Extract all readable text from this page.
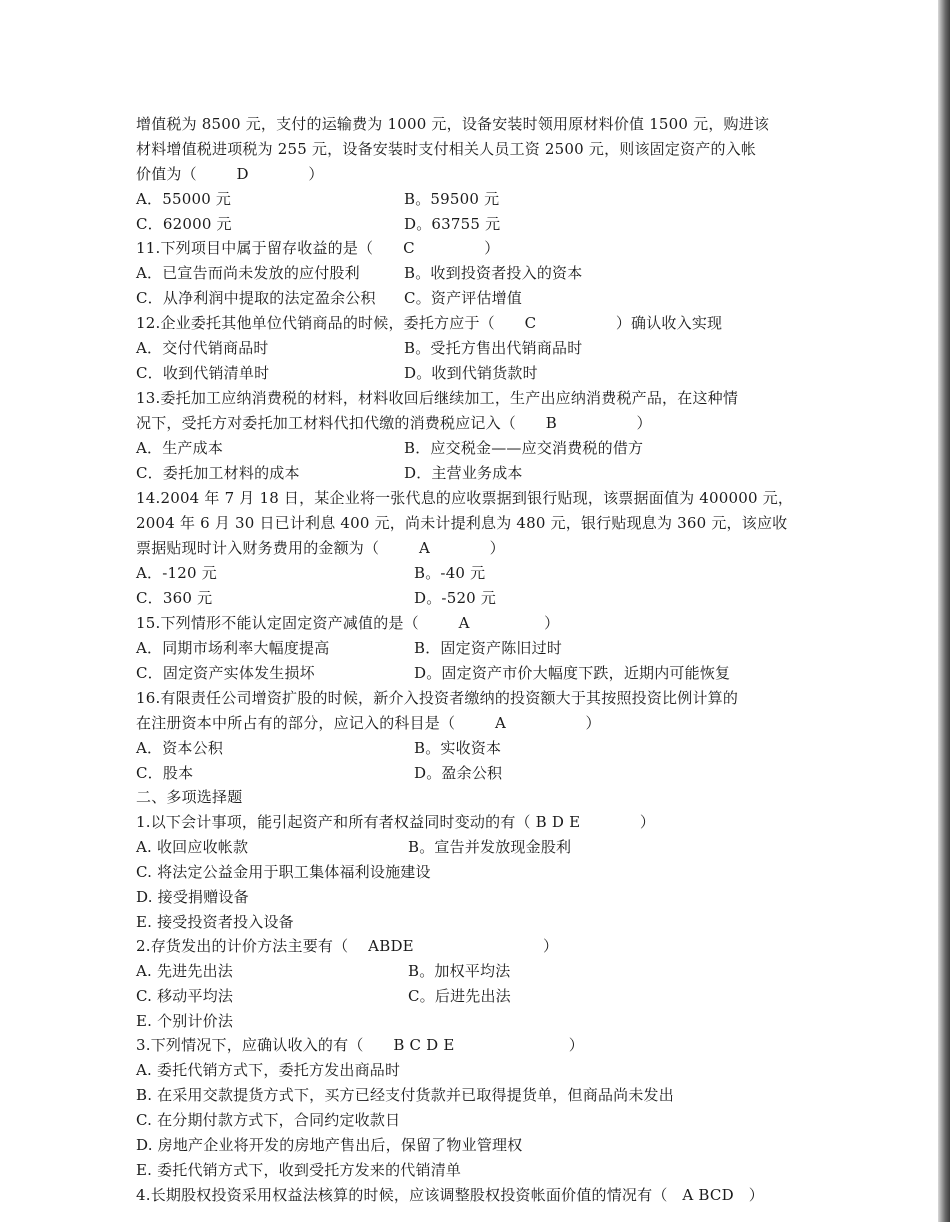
增值税为 8500 元，支付的运输费为 1000 元，设备安装时领用原材料价值 1500 元，购进该
材料增值税进项税为 255 元，设备安装时支付相关人员工资 2500 元，则该固定资产的入帐
价值为（        D            ）
A．55000 元	B。59500 元
C．62000 元	D。63755 元
11.下列项目中属于留存收益的是（      C              ）
A．已宣告而尚未发放的应付股利	B。收到投资者投入的资本
C．从净利润中提取的法定盈余公积 C。资产评估增值
12.企业委托其他单位代销商品的时候，委托方应于（      C                ）确认收入实现
A．交付代销商品时	B。受托方售出代销商品时
C．收到代销清单时	D。收到代销货款时
13.委托加工应纳消费税的材料，材料收回后继续加工，生产出应纳消费税产品，在这种情
况下，受托方对委托加工材料代扣代缴的消费税应记入（      B                ）
A．生产成本	B．应交税金——应交消费税的借方
C．委托加工材料的成本	D．主营业务成本
14.2004 年 7 月 18 日，某企业将一张代息的应收票据到银行贴现，该票据面值为 400000 元，
2004 年 6 月 30 日已计利息 400 元，尚未计提利息为 480 元，银行贴现息为 360 元，该应收
票据贴现时计入财务费用的金额为（        A            ）
A．-120 元	B。-40 元
C．360 元	D。-520 元
15.下列情形不能认定固定资产减值的是（        A               ）
A．同期市场利率大幅度提高	B．固定资产陈旧过时
C．固定资产实体发生损坏	D。固定资产市价大幅度下跌，近期内可能恢复
16.有限责任公司增资扩股的时候，新介入投资者缴纳的投资额大于其按照投资比例计算的
在注册资本中所占有的部分，应记入的科目是（        A                ）
A．资本公积	B。实收资本
C．股本	D。盈余公积
二、多项选择题
1.以下会计事项，能引起资产和所有者权益同时变动的有（ B D E            ）
A. 收回应收帐款	B。宣告并发放现金股利
C. 将法定公益金用于职工集体福利设施建设
D. 接受捐赠设备
E. 接受投资者投入设备
2.存货发出的计价方法主要有（    ABDE                          ）
A. 先进先出法	B。加权平均法
C. 移动平均法	C。后进先出法
E. 个别计价法
3.下列情况下，应确认收入的有（      B C D E                       ）
A. 委托代销方式下，委托方发出商品时
B. 在采用交款提货方式下，买方已经支付货款并已取得提货单，但商品尚未发出
C. 在分期付款方式下，合同约定收款日
D. 房地产企业将开发的房地产售出后，保留了物业管理权
E. 委托代销方式下，收到受托方发来的代销清单
4.长期股权投资采用权益法核算的时候，应该调整股权投资帐面价值的情况有（   A BCD   ）
